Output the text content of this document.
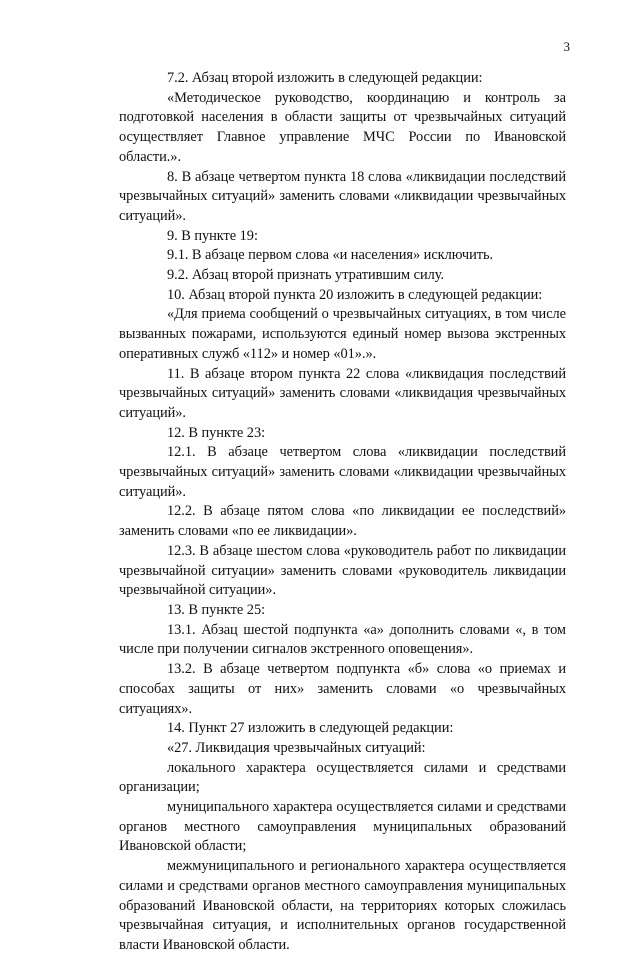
3

7.2. Абзац второй изложить в следующей редакции:

«Методическое руководство, координацию и контроль за подготовкой населения в области защиты от чрезвычайных ситуаций осуществляет Главное управление МЧС России по Ивановской области.».

8. В абзаце четвертом пункта 18 слова «ликвидации последствий чрезвычайных ситуаций» заменить словами «ликвидации чрезвычайных ситуаций».

9. В пункте 19:

9.1. В абзаце первом слова «и населения» исключить.

9.2. Абзац второй признать утратившим силу.

10. Абзац второй пункта 20 изложить в следующей редакции:

«Для приема сообщений о чрезвычайных ситуациях, в том числе вызванных пожарами, используются единый номер вызова экстренных оперативных служб «112» и номер «01».».

11. В абзаце втором пункта 22 слова «ликвидация последствий чрезвычайных ситуаций» заменить словами «ликвидация чрезвычайных ситуаций».

12. В пункте 23:

12.1. В абзаце четвертом слова «ликвидации последствий чрезвычайных ситуаций» заменить словами «ликвидации чрезвычайных ситуаций».

12.2. В абзаце пятом слова «по ликвидации ее последствий» заменить словами «по ее ликвидации».

12.3. В абзаце шестом слова «руководитель работ по ликвидации чрезвычайной ситуации» заменить словами «руководитель ликвидации чрезвычайной ситуации».

13. В пункте 25:

13.1. Абзац шестой подпункта «а» дополнить словами «, в том числе при получении сигналов экстренного оповещения».

13.2. В абзаце четвертом подпункта «б» слова «о приемах и способах защиты от них» заменить словами «о чрезвычайных ситуациях».

14. Пункт 27 изложить в следующей редакции:

«27. Ликвидация чрезвычайных ситуаций:

локального характера осуществляется силами и средствами организации;

муниципального характера осуществляется силами и средствами органов местного самоуправления муниципальных образований Ивановской области;

межмуниципального и регионального характера осуществляется силами и средствами органов местного самоуправления муниципальных образований Ивановской области, на территориях которых сложилась чрезвычайная ситуация, и исполнительных органов государственной власти Ивановской области.
